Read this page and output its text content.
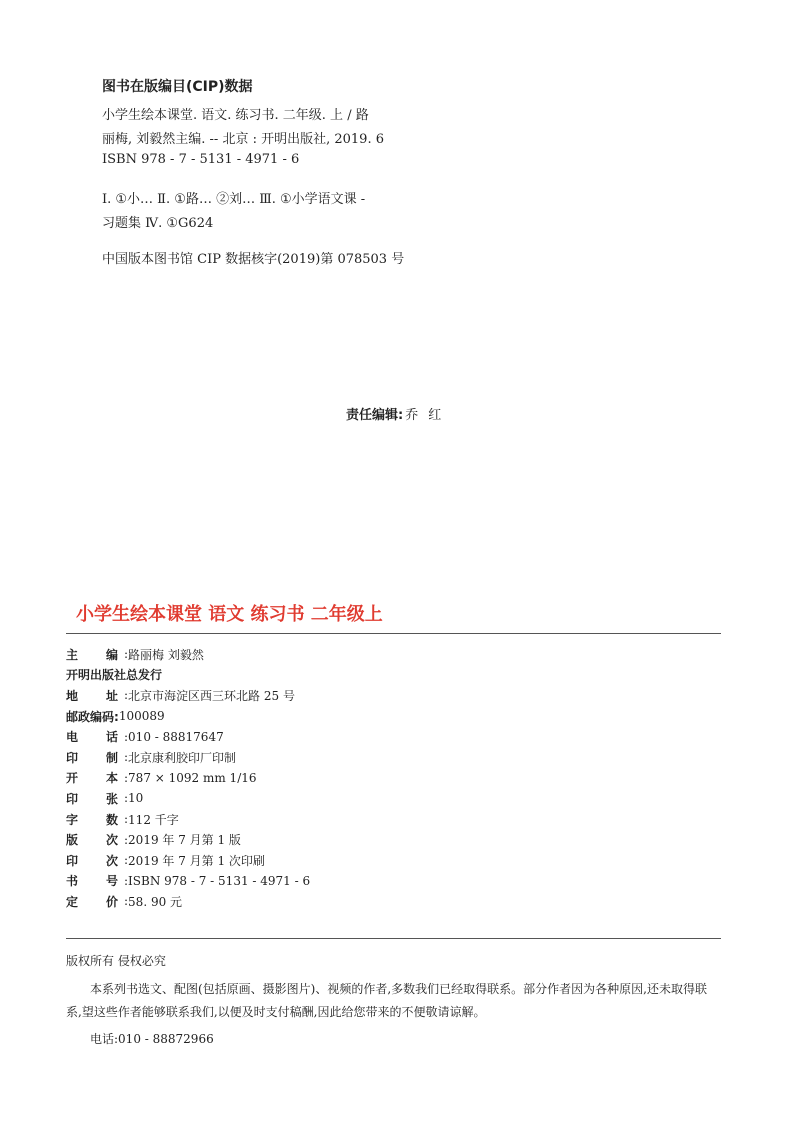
图书在版编目(CIP)数据
小学生绘本课堂. 语文. 练习书. 二年级. 上 / 路
丽梅, 刘毅然主编. -- 北京 : 开明出版社, 2019. 6
ISBN 978 - 7 - 5131 - 4971 - 6
Ⅰ. ①小… Ⅱ. ①路… ②刘… Ⅲ. ①小学语文课 -
习题集 Ⅳ. ①G624
中国版本图书馆 CIP 数据核字(2019)第 078503 号
责任编辑: 乔红
小学生绘本课堂 语文 练习书 二年级上
主 编 : 路丽梅 刘毅然
开明出版社总发行
地 址 : 北京市海淀区西三环北路 25 号
邮政编码: 100089
电 话 : 010 - 88817647
印 制 : 北京康利胶印厂印制
开 本 : 787 × 1092 mm 1/16
印 张 : 10
字 数 : 112 千字
版 次 : 2019 年 7 月第 1 版
印 次 : 2019 年 7 月第 1 次印刷
书 号 : ISBN 978 - 7 - 5131 - 4971 - 6
定 价 : 58. 90 元
版权所有 侵权必究
本系列书选文、配图(包括原画、摄影图片)、视频的作者,多数我们已经取得联系。部分作者因为各种原因,还未取得联系,望这些作者能够联系我们,以便及时支付稿酬,因此给您带来的不便敬请谅解。
电话:010 - 88872966
